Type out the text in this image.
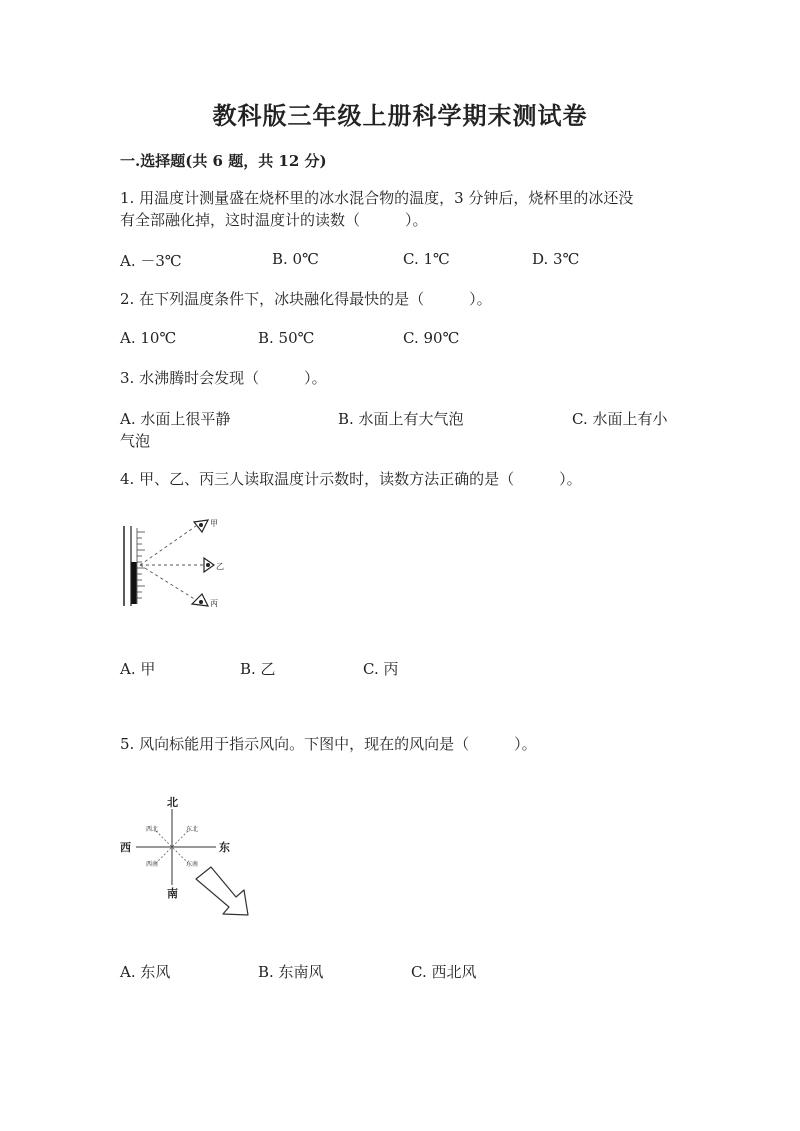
教科版三年级上册科学期末测试卷
一.选择题(共 6 题，共 12 分)
1. 用温度计测量盛在烧杯里的冰水混合物的温度，3 分钟后，烧杯里的冰还没
有全部融化掉，这时温度计的读数（　　　）。
A. －3℃	B. 0℃	C. 1℃	D. 3℃
2. 在下列温度条件下，冰块融化得最快的是（　　　）。
A. 10℃	B. 50℃	C. 90℃
3. 水沸腾时会发现（　　　）。
A. 水面上很平静	B. 水面上有大气泡	C. 水面上有小
气泡
4. 甲、乙、丙三人读取温度计示数时，读数方法正确的是（　　　）。
甲
乙
丙
A. 甲	B. 乙	C. 丙
5. 风向标能用于指示风向。下图中，现在的风向是（　　　）。
北
南
西	东
西北	东北
西南	东南
A. 东风	B. 东南风	C. 西北风
